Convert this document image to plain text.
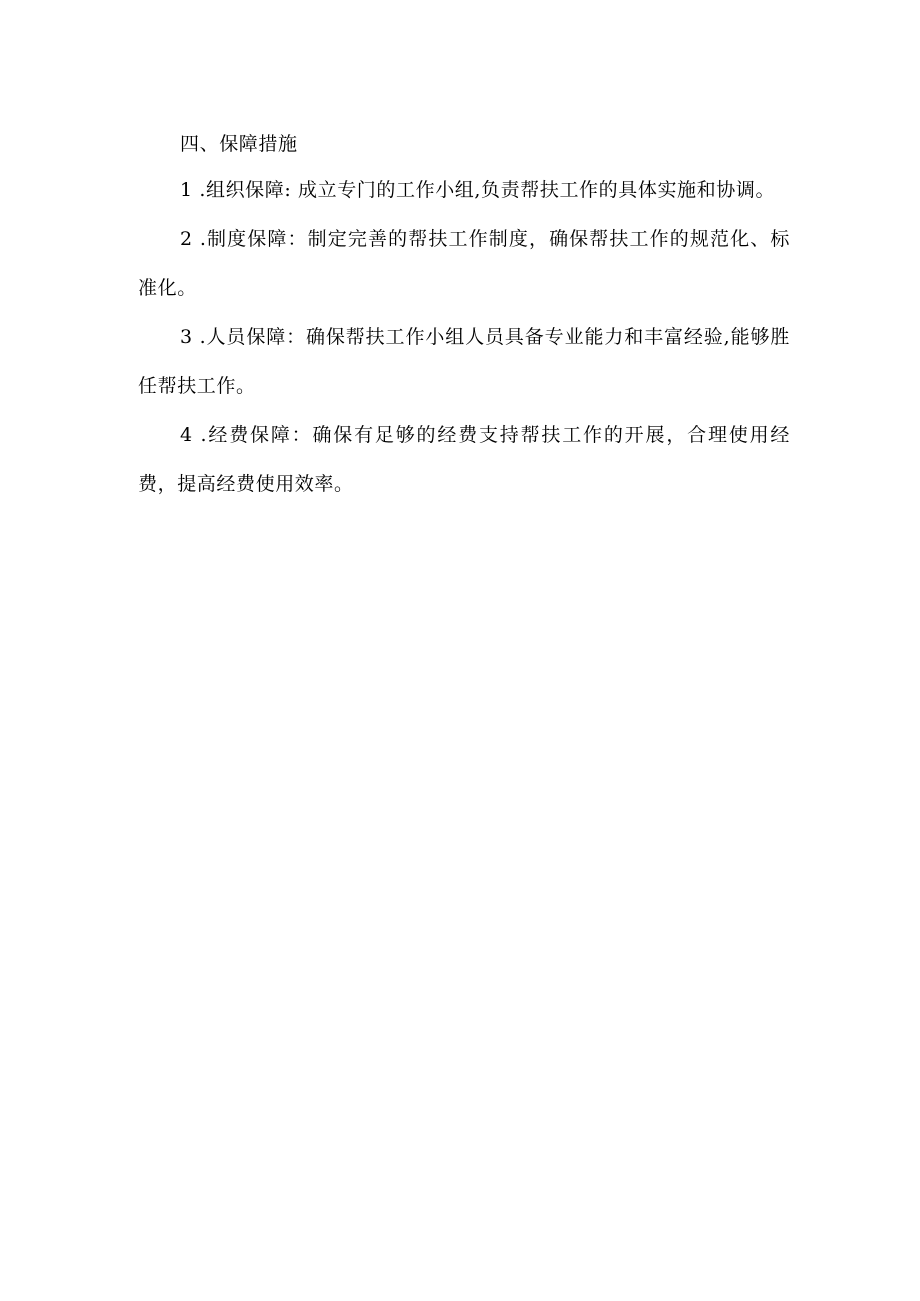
四、保障措施

1 .组织保障: 成立专门的工作小组,负责帮扶工作的具体实施和协调。

2 .制度保障：制定完善的帮扶工作制度，确保帮扶工作的规范化、标准化。

3 .人员保障：确保帮扶工作小组人员具备专业能力和丰富经验,能够胜任帮扶工作。

4 .经费保障：确保有足够的经费支持帮扶工作的开展，合理使用经费，提高经费使用效率。
